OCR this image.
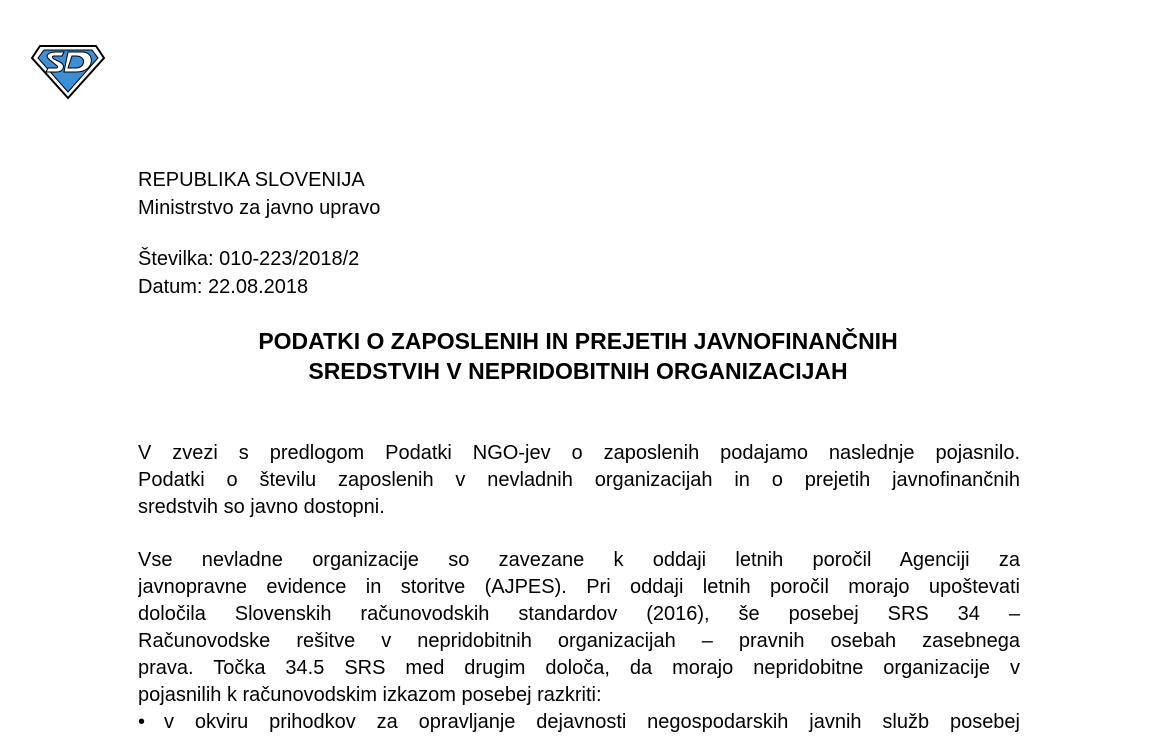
REPUBLIKA SLOVENIJA
Ministrstvo za javno upravo
Številka: 010-223/2018/2
Datum: 22.08.2018
PODATKI O ZAPOSLENIH IN PREJETIH JAVNOFINANČNIH
SREDSTVIH V NEPRIDOBITNIH ORGANIZACIJAH
V zvezi s predlogom Podatki NGO-jev o zaposlenih podajamo naslednje pojasnilo.
Podatki o številu zaposlenih v nevladnih organizacijah in o prejetih javnofinančnih
sredstvih so javno dostopni.
Vse nevladne organizacije so zavezane k oddaji letnih poročil Agenciji za
javnopravne evidence in storitve (AJPES). Pri oddaji letnih poročil morajo upoštevati
določila Slovenskih računovodskih standardov (2016), še posebej SRS 34 –
Računovodske rešitve v nepridobitnih organizacijah – pravnih osebah zasebnega
prava. Točka 34.5 SRS med drugim določa, da morajo nepridobitne organizacije v
pojasnilih k računovodskim izkazom posebej razkriti:
• v okviru prihodkov za opravljanje dejavnosti negospodarskih javnih služb posebej
